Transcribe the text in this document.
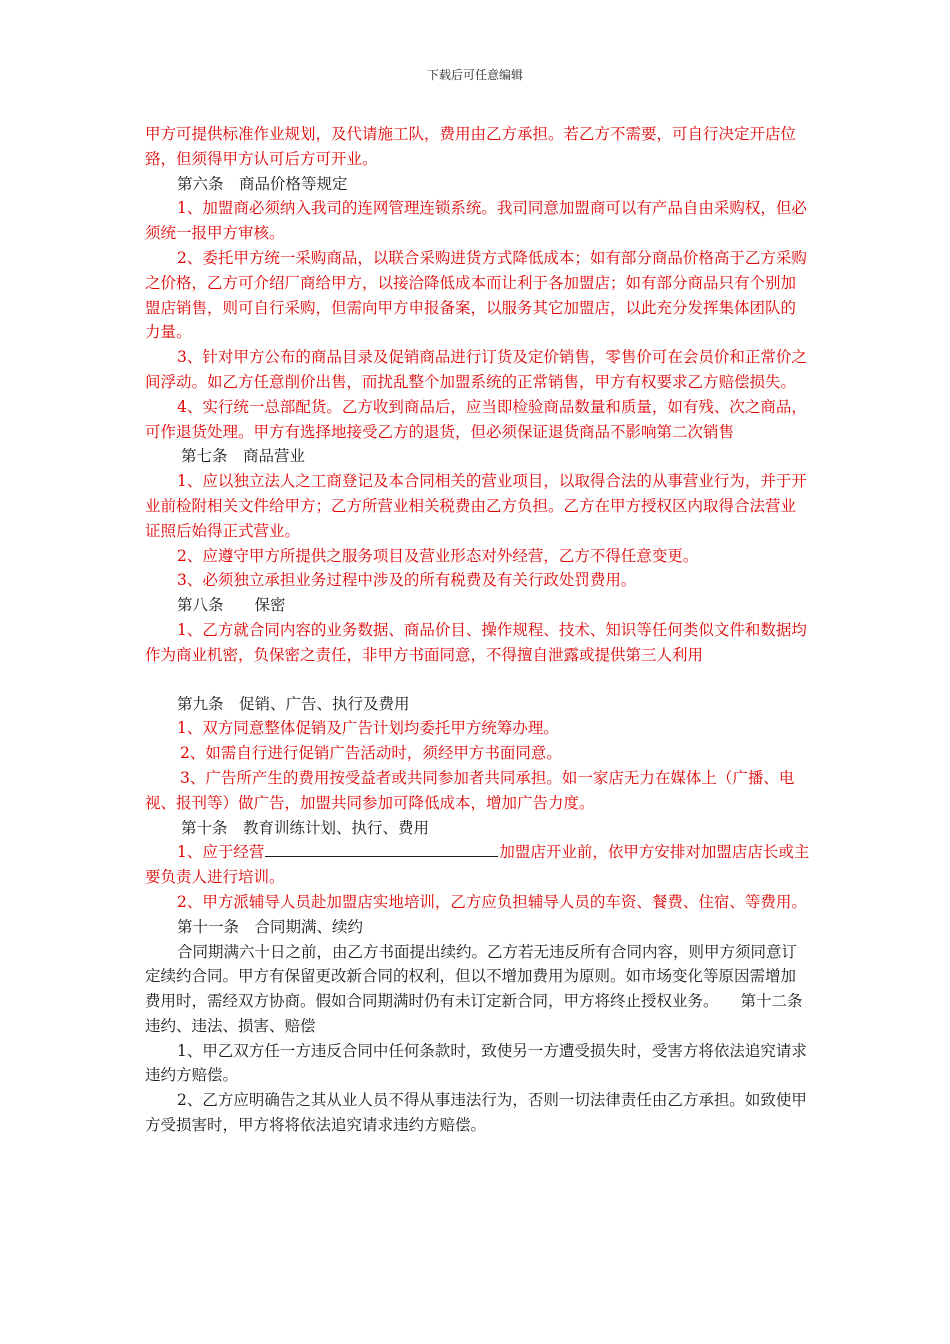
下载后可任意编辑

甲方可提供标准作业规划，及代请施工队，费用由乙方承担。若乙方不需要，可自行决定开店位臵，但须得甲方认可后方可开业。

第六条　商品价格等规定

1、加盟商必须纳入我司的连网管理连锁系统。我司同意加盟商可以有产品自由采购权，但必须统一报甲方审核。

2、委托甲方统一采购商品，以联合采购进货方式降低成本；如有部分商品价格高于乙方采购之价格，乙方可介绍厂商给甲方，以接洽降低成本而让利于各加盟店；如有部分商品只有个别加盟店销售，则可自行采购，但需向甲方申报备案，以服务其它加盟店，以此充分发挥集体团队的力量。

3、针对甲方公布的商品目录及促销商品进行订货及定价销售，零售价可在会员价和正常价之间浮动。如乙方任意削价出售，而扰乱整个加盟系统的正常销售，甲方有权要求乙方赔偿损失。

4、实行统一总部配货。乙方收到商品后，应当即检验商品数量和质量，如有残、次之商品，可作退货处理。甲方有选择地接受乙方的退货，但必须保证退货商品不影响第二次销售

第七条　商品营业

1、应以独立法人之工商登记及本合同相关的营业项目，以取得合法的从事营业行为，并于开业前检附相关文件给甲方；乙方所营业相关税费由乙方负担。乙方在甲方授权区内取得合法营业证照后始得正式营业。

2、应遵守甲方所提供之服务项目及营业形态对外经营，乙方不得任意变更。

3、必须独立承担业务过程中涉及的所有税费及有关行政处罚费用。

第八条　　保密

1、乙方就合同内容的业务数据、商品价目、操作规程、技术、知识等任何类似文件和数据均作为商业机密，负保密之责任，非甲方书面同意，不得擅自泄露或提供第三人利用

第九条　促销、广告、执行及费用

1、双方同意整体促销及广告计划均委托甲方统筹办理。

2、如需自行进行促销广告活动时，须经甲方书面同意。

3、广告所产生的费用按受益者或共同参加者共同承担。如一家店无力在媒体上（广播、电视、报刊等）做广告，加盟共同参加可降低成本，增加广告力度。

第十条　教育训练计划、执行、费用

1、应于经营	加盟店开业前，依甲方安排对加盟店店长或主要负责人进行培训。

2、甲方派辅导人员赴加盟店实地培训，乙方应负担辅导人员的车资、餐费、住宿、等费用。

第十一条　合同期满、续约

合同期满六十日之前，由乙方书面提出续约。乙方若无违反所有合同内容，则甲方须同意订定续约合同。甲方有保留更改新合同的权利，但以不增加费用为原则。如市场变化等原因需增加费用时，需经双方协商。假如合同期满时仍有未订定新合同，甲方将终止授权业务。 第十二条　违约、违法、损害、赔偿

1、甲乙双方任一方违反合同中任何条款时，致使另一方遭受损失时，受害方将依法追究请求违约方赔偿。

2、乙方应明确告之其从业人员不得从事违法行为，否则一切法律责任由乙方承担。如致使甲方受损害时，甲方将将依法追究请求违约方赔偿。
